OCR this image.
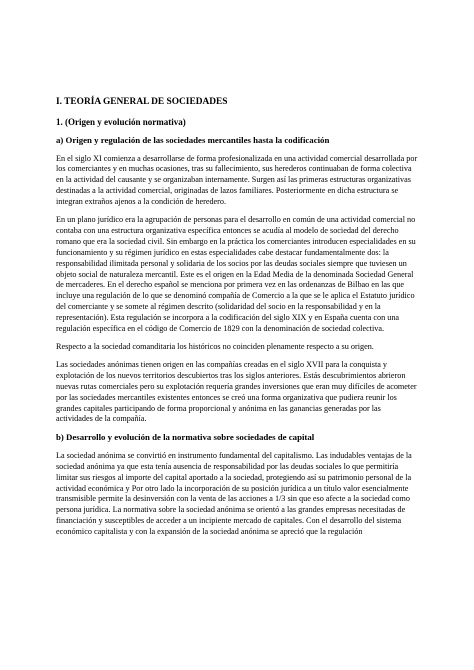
I. TEORÍA GENERAL DE SOCIEDADES
1. (Origen y evolución normativa)
a) Origen y regulación de las sociedades mercantiles hasta la codificación

En el siglo XI comienza a desarrollarse de forma profesionalizada en una actividad comercial desarrollada por los comerciantes y en muchas ocasiones, tras su fallecimiento, sus herederos continuaban de forma colectiva en la actividad del causante y se organizaban internamente. Surgen así las primeras estructuras organizativas destinadas a la actividad comercial, originadas de lazos familiares. Posteriormente en dicha estructura se integran extraños ajenos a la condición de heredero.

En un plano jurídico era la agrupación de personas para el desarrollo en común de una actividad comercial no contaba con una estructura organizativa específica entonces se acudía al modelo de sociedad del derecho romano que era la sociedad civil. Sin embargo en la práctica los comerciantes introducen especialidades en su funcionamiento y su régimen jurídico en estas especialidades cabe destacar fundamentalmente dos: la responsabilidad ilimitada personal y solidaria de los socios por las deudas sociales siempre que tuviesen un objeto social de naturaleza mercantil. Este es el origen en la Edad Media de la denominada Sociedad General de mercaderes. En el derecho español se menciona por primera vez en las ordenanzas de Bilbao en las que incluye una regulación de lo que se denominó compañía de Comercio a la que se le aplica el Estatuto jurídico del comerciante y se somete al régimen descrito (solidaridad del socio en la responsabilidad y en la representación). Esta regulación se incorpora a la codificación del siglo XIX y en España cuenta con una regulación específica en el código de Comercio de 1829 con la denominación de sociedad colectiva.

Respecto a la sociedad comanditaria los históricos no coinciden plenamente respecto a su origen.

Las sociedades anónimas tienen origen en las compañías creadas en el siglo XVII para la conquista y explotación de los nuevos territorios descubiertos tras los siglos anteriores. Estás descubrimientos abrieron nuevas rutas comerciales pero su explotación requería grandes inversiones que eran muy difíciles de acometer por las sociedades mercantiles existentes entonces se creó una forma organizativa que pudiera reunir los grandes capitales participando de forma proporcional y anónima en las ganancias generadas por las actividades de la compañía.

b) Desarrollo y evolución de la normativa sobre sociedades de capital

La sociedad anónima se convirtió en instrumento fundamental del capitalismo. Las indudables ventajas de la sociedad anónima ya que esta tenía ausencia de responsabilidad por las deudas sociales lo que permitiría limitar sus riesgos al importe del capital aportado a la sociedad, protegiendo así su patrimonio personal de la actividad económica y Por otro lado la incorporación de su posición jurídica a un título valor esencialmente transmisible permite la desinversión con la venta de las acciones a 1/3 sin que eso afecte a la sociedad como persona jurídica. La normativa sobre la sociedad anónima se orientó a las grandes empresas necesitadas de financiación y susceptibles de acceder a un incipiente mercado de capitales. Con el desarrollo del sistema económico capitalista y con la expansión de la sociedad anónima se apreció que la regulación
